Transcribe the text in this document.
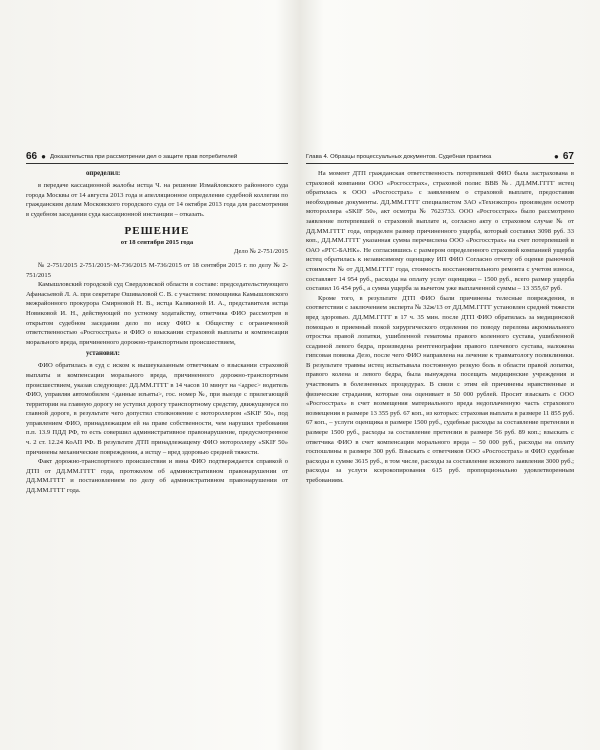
66 ● Доказательства при рассмотрении дел о защите прав потребителей
определил:

в передаче кассационной жалобы истца Ч. на решение Измайловского районного суда города Москвы от 14 августа 2013 года и апелляционное определение судебной коллегии по гражданским делам Московского городского суда от 14 октября 2013 года для рассмотрения в судебном заседании суда кассационной инстанции – отказать.

РЕШЕНИЕ
от 18 сентября 2015 года
Дело № 2-751/2015

№ 2-751/2015 2-751/2015~М-736/2015 М-736/2015 от 18 сентября 2015 г. по делу № 2-751/2015

Камышловский городской суд Свердловской области в составе: председательствующего Афанасьевой Л. А. при секретаре Ошиваловой С. В. с участием: помощника Камышловского межрайонного прокурора Смирновой Н. В., истца Калякиной И. А., представителя истца Новиковой И. Н., действующей по устному ходатайству, ответчика ФИО рассмотрев в открытом судебном заседании дело по иску ФИО к Обществу с ограниченной ответственностью «Росгосстрах» и ФИО о взыскании страховой выплаты и компенсации морального вреда, причиненного дорожно-транспортным происшествием,

установил:

ФИО обратилась в суд с иском к вышеуказанным ответчикам о взыскании страховой выплаты и компенсации морального вреда, причиненного дорожно-транспортным происшествием, указав следующее: ДД.ММ.ГГГГ в 14 часов 10 минут на <адрес> водитель ФИО, управляя автомобилем <данные изъяты>, гос. номер №, при выезде с прилегающей территории на главную дорогу не уступил дорогу транспортному средству, движущемуся по главной дороге, в результате чего допустил столкновение с мотороллером «SKIF 50», под управлением ФИО, принадлежащим ей на праве собственности, чем нарушил требования п.п. 13.9 ПДД РФ, то есть совершил административное правонарушение, предусмотренное ч. 2 ст. 12.24 КоАП РФ. В результате ДТП принадлежащему ФИО мотороллеру «SKIF 50» причинены механические повреждения, а истцу – вред здоровью средней тяжести.

Факт дорожно-транспортного происшествия и вина ФИО подтверждается справкой о ДТП от ДД.ММ.ГГГГ года, протоколом об административном правонарушении от ДД.ММ.ГГГГ и постановлением по делу об административном правонарушении от ДД.ММ.ГГГГ года.

Глава 4. Образцы процессуальных документов. Судебная практика	● 67

На момент ДТП гражданская ответственность потерпевшей ФИО была застрахована в страховой компании ООО «Росгосстрах», страховой полис ВВВ №. ДД.ММ.ГГГГ истец обратилась к ООО «Росгосстрах» с заявлением о страховой выплате, предоставив необходимые документы. ДД.ММ.ГГГГ специалистом ЗАО «Технэкспро» произведен осмотр мотороллера «SKIF 50», акт осмотра № 7623733. ООО «Росгосстрах» было рассмотрено заявление потерпевшей о страховой выплате и, согласно акту о страховом случае № от ДД.ММ.ГГГГ года, определен размер причиненного ущерба, который составил 3098 руб. 33 коп., ДД.ММ.ГГГГ указанная сумма перечислена ООО «Росгосстрах» на счет потерпевшей в ОАО «РГС-БАНК». Не согласившись с размером определенного страховой компанией ущерба истец обратилась к независимому оценщику ИП ФИО Согласно отчету об оценке рыночной стоимости № от ДД.ММ.ГГГГ года, стоимость восстановительного ремонта с учетом износа, составляет 14 954 руб., расходы на оплату услуг оценщика – 1500 руб., всего размер ущерба составил 16 454 руб., а сумма ущерба за вычетом уже выплаченной суммы – 13 355,67 руб.

Кроме того, в результате ДТП ФИО были причинены телесные повреждения, в соответствии с заключением эксперта № 32ж/13 от ДД.ММ.ГГГГ установлен средней тяжести вред здоровью. ДД.ММ.ГГГГ в 17 ч. 35 мин. после ДТП ФИО обратилась за медицинской помощью в приемный покой хирургического отделения по поводу перелома акромиального отростка правой лопатки, ушибленной гематомы правого коленного сустава, ушибленной ссадиной левого бедра, произведена рентгенография правого плечевого сустава, наложена гипсовая повязка Дезо, после чего ФИО направлена на лечение к травматологу поликлиники. В результате травмы истец испытывала постоянную резкую боль в области правой лопатки, правого колена и левого бедра, была вынуждена посещать медицинские учреждения и участвовать в болезненных процедурах. В связи с этим ей причинены нравственные и физические страдания, которые она оценивает в 50 000 рублей. Просит взыскать с ООО «Росгосстрах» в счет возмещения материального вреда недоплаченную часть страхового возмещения в размере 13 355 руб. 67 коп., из которых: страховая выплата в размере 11 855 руб. 67 коп., – услуги оценщика в размере 1500 руб., судебные расходы за составление претензии в размере 1500 руб., расходы за составление претензии в размере 56 руб. 89 коп.; взыскать с ответчика ФИО в счет компенсации морального вреда – 50 000 руб., расходы на оплату госпошлины в размере 300 руб. Взыскать с ответчиков ООО «Росгосстрах» и ФИО судебные расходы в сумме 3615 руб., в том числе, расходы за составление искового заявления 3000 руб.; расходы за услуги ксерокопирования 615 руб. пропорционально удовлетворенным требованиям.
